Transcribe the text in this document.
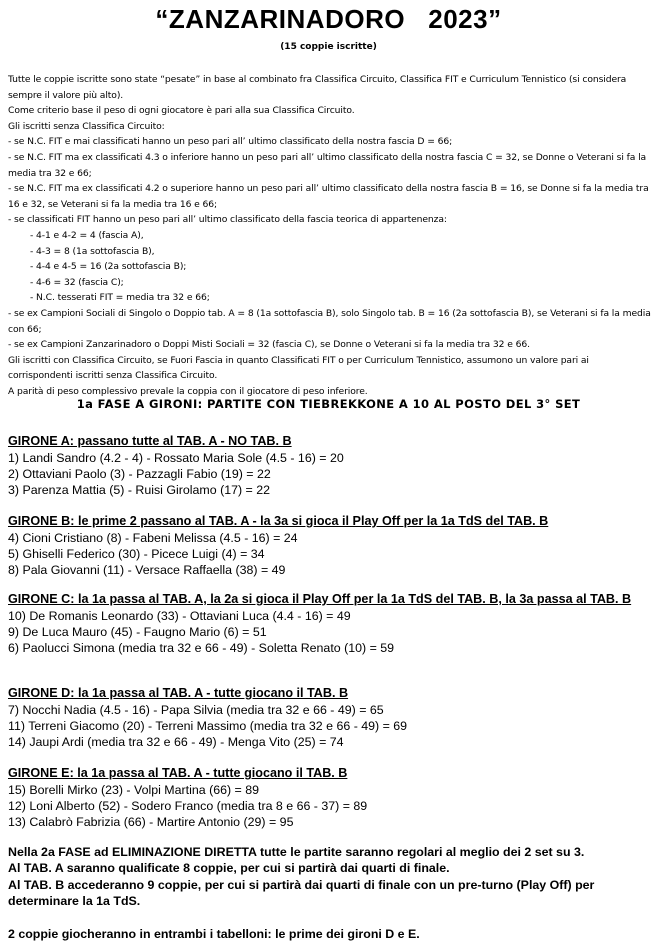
“ZANZARINADORO   2023”
(15 coppie iscritte)

Tutte le coppie iscritte sono state “pesate” in base al combinato fra Classifica Circuito, Classifica FIT e Curriculum Tennistico (si considera sempre il valore più alto).

Come criterio base il peso di ogni giocatore è pari alla sua Classifica Circuito.

Gli iscritti senza Classifica Circuito:

- se N.C. FIT e mai classificati hanno un peso pari all’ ultimo classificato della nostra fascia D = 66;

- se N.C. FIT ma ex classificati 4.3 o inferiore hanno un peso pari all’ ultimo classificato della nostra fascia C = 32, se Donne o Veterani si fa la media tra 32 e 66;

- se N.C. FIT ma ex classificati 4.2 o superiore hanno un peso pari all’ ultimo classificato della nostra fascia B = 16, se Donne si fa la media tra 16 e 32, se Veterani si fa la media tra 16 e 66;

- se classificati FIT hanno un peso pari all’ ultimo classificato della fascia teorica di appartenenza:

- 4-1 e 4-2 = 4 (fascia A),

- 4-3 = 8 (1a sottofascia B),

- 4-4 e 4-5 = 16 (2a sottofascia B);

- 4-6 = 32 (fascia C);

- N.C. tesserati FIT = media tra 32 e 66;

- se ex Campioni Sociali di Singolo o Doppio tab. A = 8 (1a sottofascia B), solo Singolo tab. B = 16 (2a sottofascia B), se Veterani si fa la media con 66;

- se ex Campioni Zanzarinadoro o Doppi Misti Sociali = 32 (fascia C), se Donne o Veterani si fa la media tra 32 e 66.

Gli iscritti con Classifica Circuito, se Fuori Fascia in quanto Classificati FIT o per Curriculum Tennistico, assumono un valore pari ai corrispondenti iscritti senza Classifica Circuito.

A parità di peso complessivo prevale la coppia con il giocatore di peso inferiore.

1a FASE A GIRONI: PARTITE CON TIEBREKKONE A 10 AL POSTO DEL 3° SET
GIRONE A: passano tutte al TAB. A - NO TAB. B

1) Landi Sandro (4.2 - 4) - Rossato Maria Sole (4.5 - 16) = 20

2) Ottaviani Paolo (3) - Pazzagli Fabio (19) = 22

3) Parenza Mattia (5) - Ruisi Girolamo (17) = 22

GIRONE B: le prime 2 passano al TAB. A - la 3a si gioca il Play Off per la 1a TdS del TAB. B

4) Cioni Cristiano (8) - Fabeni Melissa (4.5 - 16) = 24

5) Ghiselli Federico (30) - Picece Luigi (4) = 34

8) Pala Giovanni (11) - Versace Raffaella (38) = 49

GIRONE C: la 1a passa al TAB. A, la 2a si gioca il Play Off per la 1a TdS del TAB. B, la 3a passa al TAB. B

10) De Romanis Leonardo (33) - Ottaviani Luca (4.4 - 16) = 49

9) De Luca Mauro (45) - Faugno Mario (6) = 51

6) Paolucci Simona (media tra 32 e 66 - 49) - Soletta Renato (10) = 59

GIRONE D: la 1a passa al TAB. A - tutte giocano il TAB. B

7) Nocchi Nadia (4.5 - 16) - Papa Silvia (media tra 32 e 66 - 49) = 65

11) Terreni Giacomo (20) - Terreni Massimo (media tra 32 e 66 - 49) = 69

14) Jaupi Ardi (media tra 32 e 66 - 49) - Menga Vito (25) = 74

GIRONE E: la 1a passa al TAB. A - tutte giocano il TAB. B

15) Borelli Mirko (23) - Volpi Martina (66) = 89

12) Loni Alberto (52) - Sodero Franco (media tra 8 e 66 - 37) = 89

13) Calabrò Fabrizia (66) - Martire Antonio (29) = 95

Nella 2a FASE ad ELIMINAZIONE DIRETTA tutte le partite saranno regolari al meglio dei 2 set su 3.

Al TAB. A saranno qualificate 8 coppie, per cui si partirà dai quarti di finale.

Al TAB. B accederanno 9 coppie, per cui si partirà dai quarti di finale con un pre-turno (Play Off) per determinare la 1a TdS.

2 coppie giocheranno in entrambi i tabelloni: le prime dei gironi D e E.
